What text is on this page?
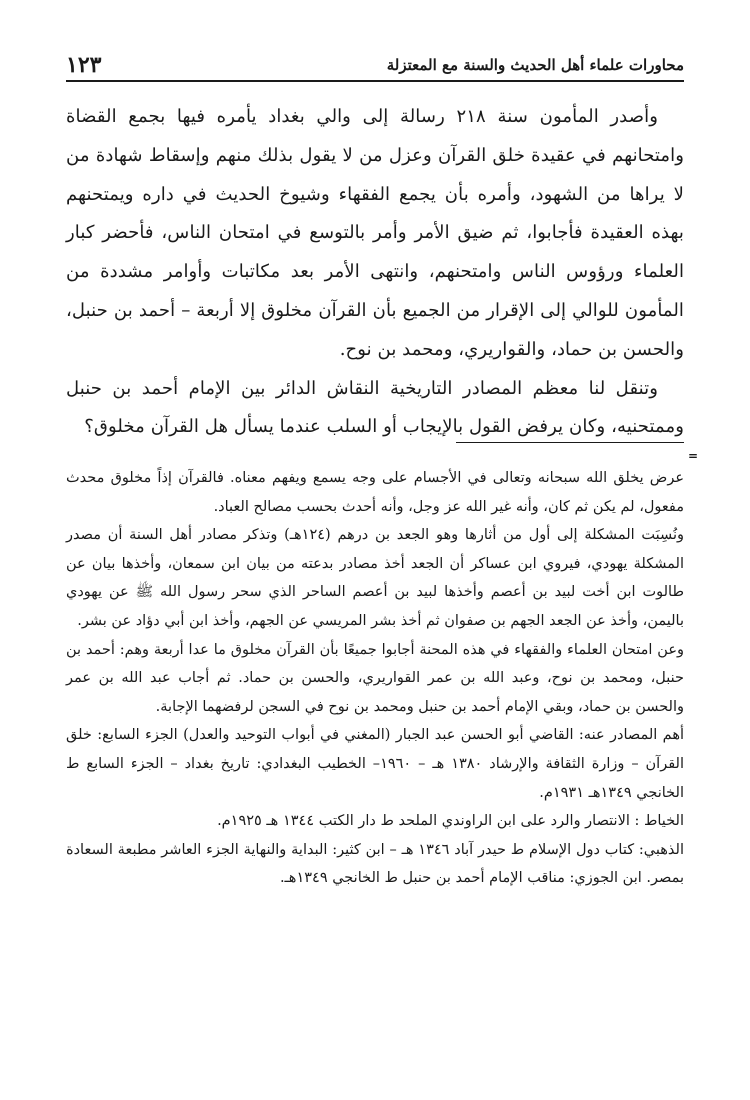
محاورات علماء أهل الحديث والسنة مع المعتزلة
١٢٣

وأصدر المأمون سنة ٢١٨ رسالة إلى والي بغداد يأمره فيها بجمع القضاة وامتحانهم في عقيدة خلق القرآن وعزل من لا يقول بذلك منهم وإسقاط شهادة من لا يراها من الشهود، وأمره بأن يجمع الفقهاء وشيوخ الحديث في داره ويمتحنهم بهذه العقيدة فأجابوا، ثم ضيق الأمر وأمر بالتوسع في امتحان الناس، فأحضر كبار العلماء ورؤوس الناس وامتحنهم، وانتهى الأمر بعد مكاتبات وأوامر مشددة من المأمون للوالي إلى الإقرار من الجميع بأن القرآن مخلوق إلا أربعة – أحمد بن حنبل، والحسن بن حماد، والقواريري، ومحمد بن نوح.

وتنقل لنا معظم المصادر التاريخية النقاش الدائر بين الإمام أحمد بن حنبل وممتحنيه، وكان يرفض القول بالإيجاب أو السلب عندما يسأل هل القرآن مخلوق؟

=

عرض يخلق الله سبحانه وتعالى في الأجسام على وجه يسمع ويفهم معناه. فالقرآن إذاً مخلوق محدث مفعول، لم يكن ثم كان، وأنه غير الله عز وجل، وأنه أحدث بحسب مصالح العباد.

ونُسِبَت المشكلة إلى أول من أثارها وهو الجعد بن درهم (١٢٤هـ) وتذكر مصادر أهل السنة أن مصدر المشكلة يهودي، فيروي ابن عساكر أن الجعد أخذ مصادر بدعته من بيان ابن سمعان، وأخذها بيان عن طالوت ابن أخت لبيد بن أعصم وأخذها لبيد بن أعصم الساحر الذي سحر رسول الله ﷺ عن يهودي باليمن، وأخذ عن الجعد الجهم بن صفوان ثم أخذ بشر المريسي عن الجهم، وأخذ ابن أبي دؤاد عن بشر.

وعن امتحان العلماء والفقهاء في هذه المحنة أجابوا جميعًا بأن القرآن مخلوق ما عدا أربعة وهم: أحمد بن حنبل، ومحمد بن نوح، وعبد الله بن عمر القواريري، والحسن بن حماد. ثم أجاب عبد الله بن عمر والحسن بن حماد، وبقي الإمام أحمد بن حنبل ومحمد بن نوح في السجن لرفضهما الإجابة.

أهم المصادر عنه: القاضي أبو الحسن عبد الجبار (المغني في أبواب التوحيد والعدل) الجزء السابع: خلق القرآن – وزارة الثقافة والإرشاد ١٣٨٠ هـ – ١٩٦٠– الخطيب البغدادي: تاريخ بغداد – الجزء السابع ط الخانجي ١٣٤٩هـ ١٩٣١م.

الخياط : الانتصار والرد على ابن الراوندي الملحد ط دار الكتب ١٣٤٤ هـ ١٩٢٥م.

الذهبي: كتاب دول الإسلام ط حيدر آباد ١٣٤٦ هـ – ابن كثير: البداية والنهاية الجزء العاشر مطبعة السعادة بمصر. ابن الجوزي: مناقب الإمام أحمد بن حنبل ط الخانجي ١٣٤٩هـ.
